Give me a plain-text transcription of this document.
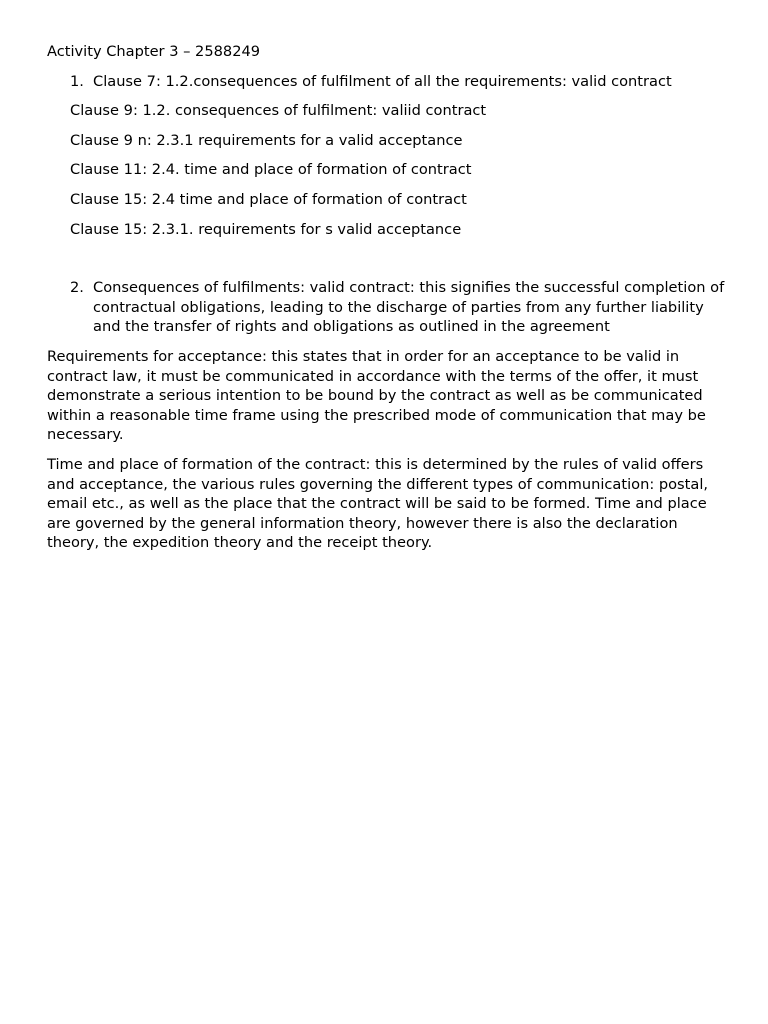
Activity Chapter 3 – 2588249
1. Clause 7: 1.2.consequences of fulfilment of all the requirements: valid contract
Clause 9: 1.2. consequences of fulfilment: valiid contract
Clause 9 n: 2.3.1 requirements for a valid acceptance
Clause 11: 2.4. time and place of formation of contract
Clause 15: 2.4 time and place of formation of contract
Clause 15: 2.3.1. requirements for s valid acceptance
2. Consequences of fulfilments: valid contract: this signifies the successful completion of contractual obligations, leading to the discharge of parties from any further liability and the transfer of rights and obligations as outlined in the agreement
Requirements for acceptance: this states that in order for an acceptance to be valid in contract law, it must be communicated in accordance with the terms of the offer, it must demonstrate a serious intention to be bound by the contract as well as be communicated within a reasonable time frame using the prescribed mode of communication that may be necessary.
Time and place of formation of the contract: this is determined by the rules of valid offers and acceptance, the various rules governing the different types of communication: postal, email etc., as well as the place that the contract will be said to be formed. Time and place are governed by the general information theory, however there is also the declaration theory, the expedition theory and the receipt theory.
